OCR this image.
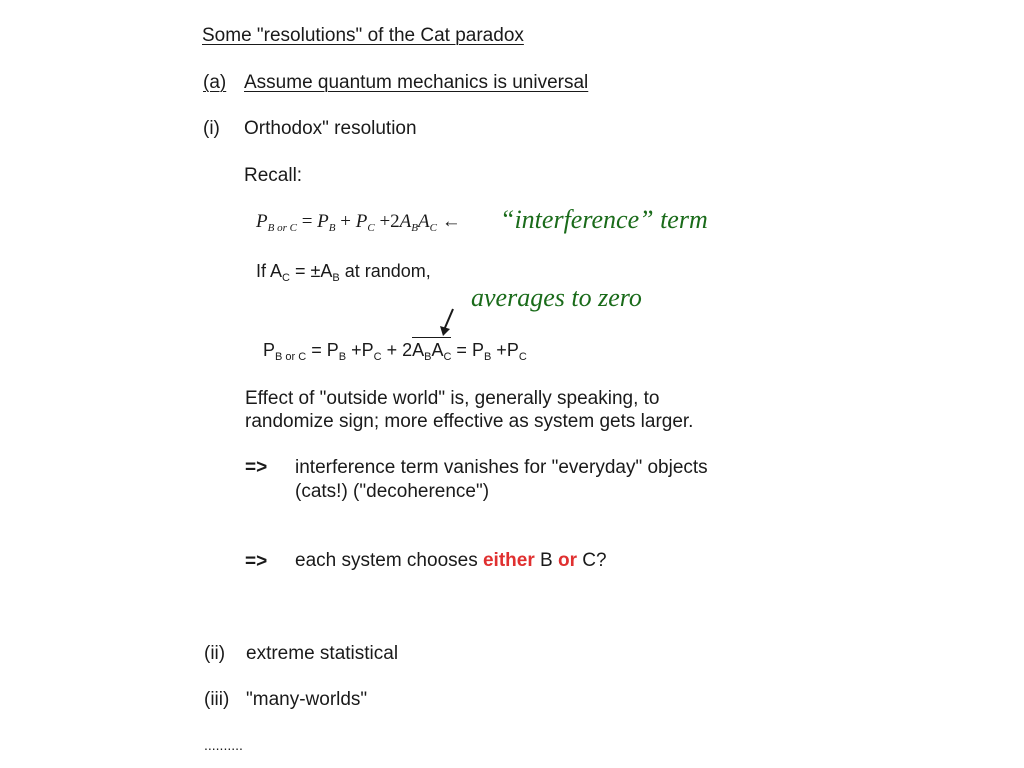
Some "resolutions" of the Cat paradox
(a) Assume quantum mechanics is universal
(i) Orthodox" resolution
Recall:
$P_{B or C} = P_B + P_C +2A_BA_C$ ← “interference” term
If $A_C = \pm A_B$ at random,
averages to zero
$P_{B or C} = P_B +P_C + 2A_BA_C = P_B +P_C$
Effect of "outside world" is, generally speaking, to
randomize sign; more effective as system gets larger.
=> interference term vanishes for "everyday" objects
(cats!) ("decoherence")
=> each system chooses either B or C?
(ii) extreme statistical
(iii) "many-worlds"
..........
